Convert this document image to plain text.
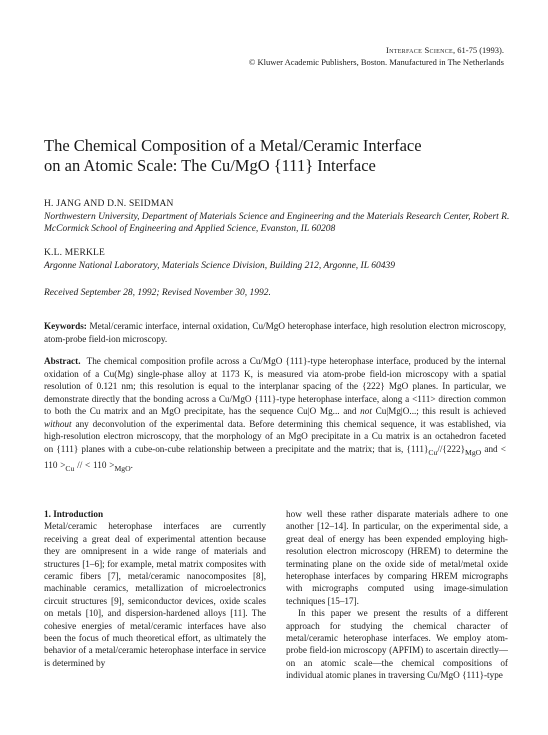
Interface Science, 61-75 (1993).
© Kluwer Academic Publishers, Boston. Manufactured in The Netherlands
The Chemical Composition of a Metal/Ceramic Interface
on an Atomic Scale: The Cu/MgO {111} Interface
H. JANG AND D.N. SEIDMAN
Northwestern University, Department of Materials Science and Engineering and the Materials Research Center, Robert R. McCormick School of Engineering and Applied Science, Evanston, IL 60208
K.L. MERKLE
Argonne National Laboratory, Materials Science Division, Building 212, Argonne, IL 60439
Received September 28, 1992; Revised November 30, 1992.
Keywords: Metal/ceramic interface, internal oxidation, Cu/MgO heterophase interface, high resolution electron microscopy, atom-probe field-ion microscopy.
Abstract. The chemical composition profile across a Cu/MgO {111}-type heterophase interface, produced by the internal oxidation of a Cu(Mg) single-phase alloy at 1173 K, is measured via atom-probe field-ion microscopy with a spatial resolution of 0.121 nm; this resolution is equal to the interplanar spacing of the {222} MgO planes. In particular, we demonstrate directly that the bonding across a Cu/MgO {111}-type heterophase interface, along a <111> direction common to both the Cu matrix and an MgO precipitate, has the sequence Cu|O Mg... and not Cu|Mg|O...; this result is achieved without any deconvolution of the experimental data. Before determining this chemical sequence, it was established, via high-resolution electron microscopy, that the morphology of an MgO precipitate in a Cu matrix is an octahedron faceted on {111} planes with a cube-on-cube relationship between a precipitate and the matrix; that is, $\{111\}_{Cu}//\{222\}_{MgO}$ and < $110 >_{Cu}$ // < $110 >_{MgO}$.

1. Introduction

Metal/ceramic heterophase interfaces are currently receiving a great deal of experimental attention because they are omnipresent in a wide range of materials and structures [1–6]; for example, metal matrix composites with ceramic fibers [7], metal/ceramic nanocomposites [8], machinable ceramics, metallization of microelectronics circuit structures [9], semiconductor devices, oxide scales on metals [10], and dispersion-hardened alloys [11]. The cohesive energies of metal/ceramic interfaces have also been the focus of much theoretical effort, as ultimately the behavior of a metal/ceramic heterophase interface in service is determined by

how well these rather disparate materials adhere to one another [12–14]. In particular, on the experimental side, a great deal of energy has been expended employing high-resolution electron microscopy (HREM) to determine the terminating plane on the oxide side of metal/metal oxide heterophase interfaces by comparing HREM micrographs with micrographs computed using image-simulation techniques [15–17].

In this paper we present the results of a different approach for studying the chemical character of metal/ceramic heterophase interfaces. We employ atom-probe field-ion microscopy (APFIM) to ascertain directly—on an atomic scale—the chemical compositions of individual atomic planes in traversing Cu/MgO {111}-type
